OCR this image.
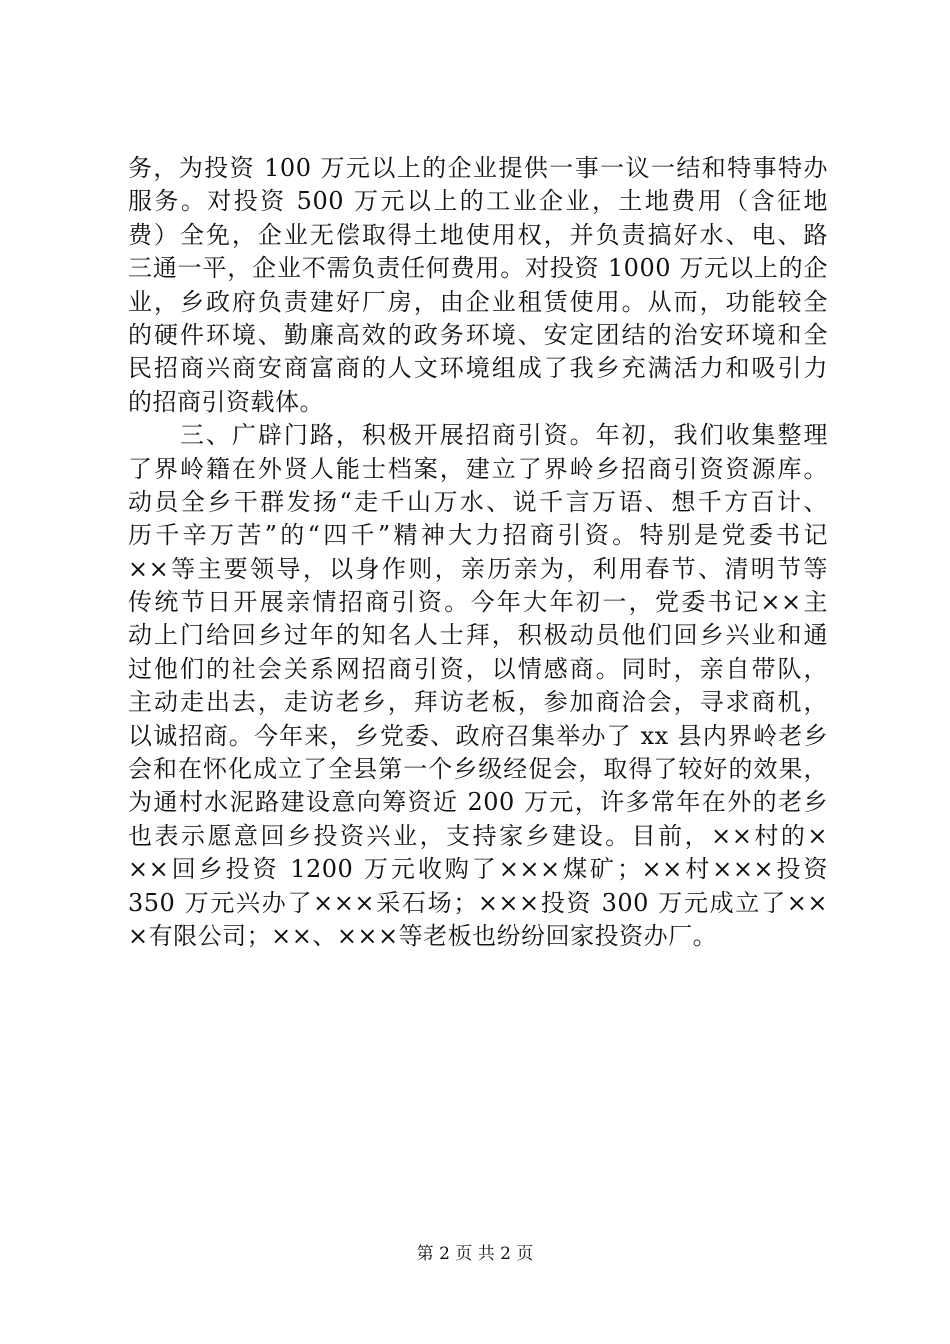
务，为投资 100 万元以上的企业提供一事一议一结和特事特办
服务。对投资 500 万元以上的工业企业，土地费用（含征地
费）全免，企业无偿取得土地使用权，并负责搞好水、电、路
三通一平，企业不需负责任何费用。对投资 1000 万元以上的企
业，乡政府负责建好厂房，由企业租赁使用。从而，功能较全
的硬件环境、勤廉高效的政务环境、安定团结的治安环境和全
民招商兴商安商富商的人文环境组成了我乡充满活力和吸引力
的招商引资载体。
　　三、广辟门路，积极开展招商引资。年初，我们收集整理
了界岭籍在外贤人能士档案，建立了界岭乡招商引资资源库。
动员全乡干群发扬“走千山万水、说千言万语、想千方百计、
历千辛万苦”的“四千”精神大力招商引资。特别是党委书记
××等主要领导，以身作则，亲历亲为，利用春节、清明节等
传统节日开展亲情招商引资。今年大年初一，党委书记××主
动上门给回乡过年的知名人士拜，积极动员他们回乡兴业和通
过他们的社会关系网招商引资，以情感商。同时，亲自带队，
主动走出去，走访老乡，拜访老板，参加商洽会，寻求商机，
以诚招商。今年来，乡党委、政府召集举办了 xx 县内界岭老乡
会和在怀化成立了全县第一个乡级经促会，取得了较好的效果，
为通村水泥路建设意向筹资近 200 万元，许多常年在外的老乡
也表示愿意回乡投资兴业，支持家乡建设。目前，××村的×
××回乡投资 1200 万元收购了×××煤矿；××村×××投资
350 万元兴办了×××采石场；×××投资 300 万元成立了××
×有限公司；××、×××等老板也纷纷回家投资办厂。
第 2 页 共 2 页
